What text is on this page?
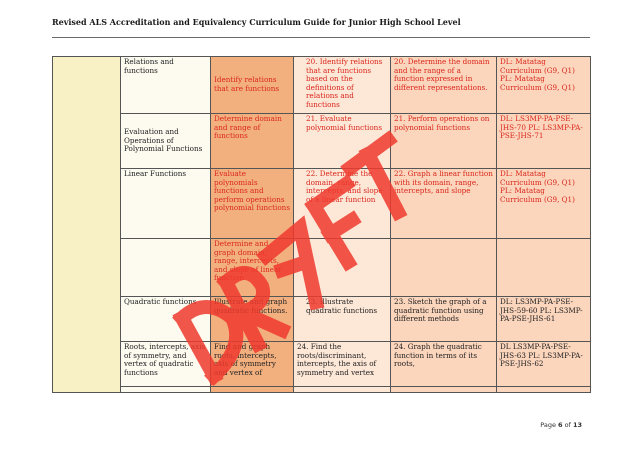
Revised ALS Accreditation and Equivalency Curriculum Guide for Junior High School Level
	Relations and functions	Identify relations that are functions	20. Identify relations that are functions based on the definitions of relations and functions	20. Determine the domain and the range of a function expressed in different representations.	DL: Matatag Curriculum (G9, Q1) PL: Matatag Curriculum (G9, Q1)
	Evaluation and Operations of Polynomial Functions	Determine domain and range of functions	21. Evaluate polynomial functions	21. Perform operations on polynomial functions	DL: LS3MP-PA-PSE-JHS-70 PL: LS3MP-PA-PSE-JHS-71
	Linear Functions	Evaluate polynomials functions and perform operations polynomial functions	22. Determine the domain, range, intercepts, and slope of a linear function	22. Graph a linear function with its domain, range, intercepts, and slope	DL: Matatag Curriculum (G9, Q1) PL: Matatag Curriculum (G9, Q1)
		Determine and graph domain, range, intercepts, and slope of linear function			
	Quadratic functions	Illustrate and graph quadratic functions.	23. Illustrate quadratic functions	23. Sketch the graph of a quadratic function using different methods	DL: LS3MP-PA-PSE-JHS-59-60 PL: LS3MP-PA-PSE-JHS-61
	Roots, intercepts, axis of symmetry, and vertex of quadratic functions	Find and graph roots, intercepts, axis of symmetry and vertex of	24. Find the roots/discriminant, intercepts, the axis of symmetry and vertex	24. Graph the quadratic function in terms of its roots,	DL LS3MP-PA-PSE-JHS-63 PL: LS3MP-PA-PSE-JHS-62

Page 6 of 13
